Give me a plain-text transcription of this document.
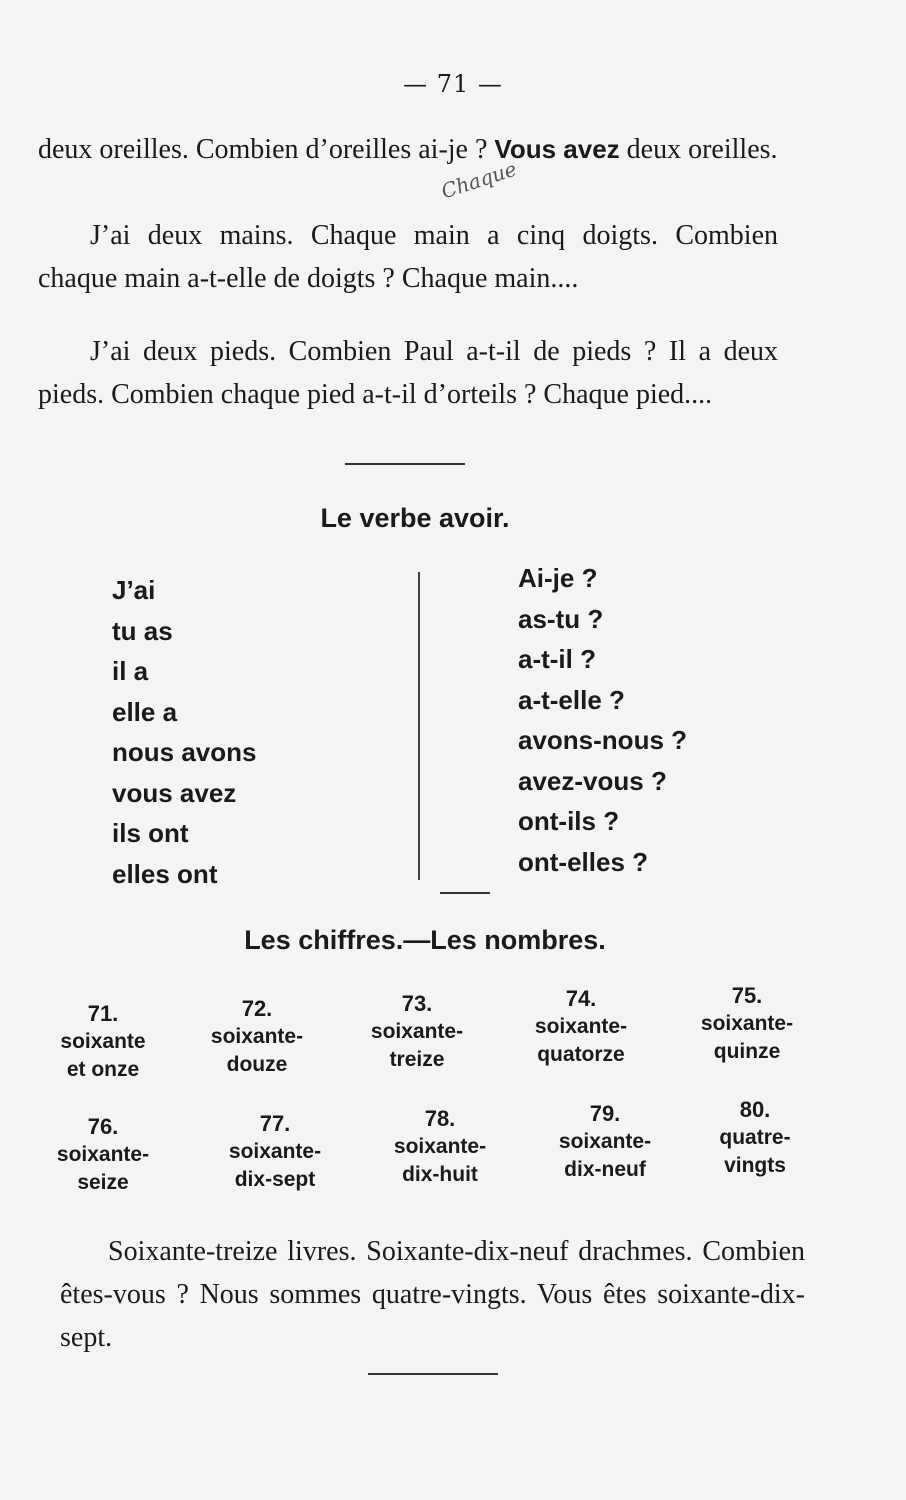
— 71 —
Chaque
deux oreilles. Combien d’oreilles ai-je ? Vous avez deux oreilles.
J’ai deux mains. Chaque main a cinq doigts. Combien chaque main a-t-elle de doigts ? Chaque main....
J’ai deux pieds. Combien Paul a-t-il de pieds ? Il a deux pieds. Combien chaque pied a-t-il d’orteils ? Chaque pied....
Le verbe avoir.
J’ai
tu as
il a
elle a
nous avons
vous avez
ils ont
elles ont
Ai-je ?
as-tu ?
a-t-il ?
a-t-elle ?
avons-nous ?
avez-vous ?
ont-ils ?
ont-elles ?
Les chiffres.—Les nombres.
71.
soixante
et onze
72.
soixante-
douze
73.
soixante-
treize
74.
soixante-
quatorze
75.
soixante-
quinze
76.
soixante-
seize
77.
soixante-
dix-sept
78.
soixante-
dix-huit
79.
soixante-
dix-neuf
80.
quatre-
vingts
Soixante-treize livres. Soixante-dix-neuf drachmes. Combien êtes-vous ? Nous sommes quatre-vingts. Vous êtes soixante-dix-sept.
